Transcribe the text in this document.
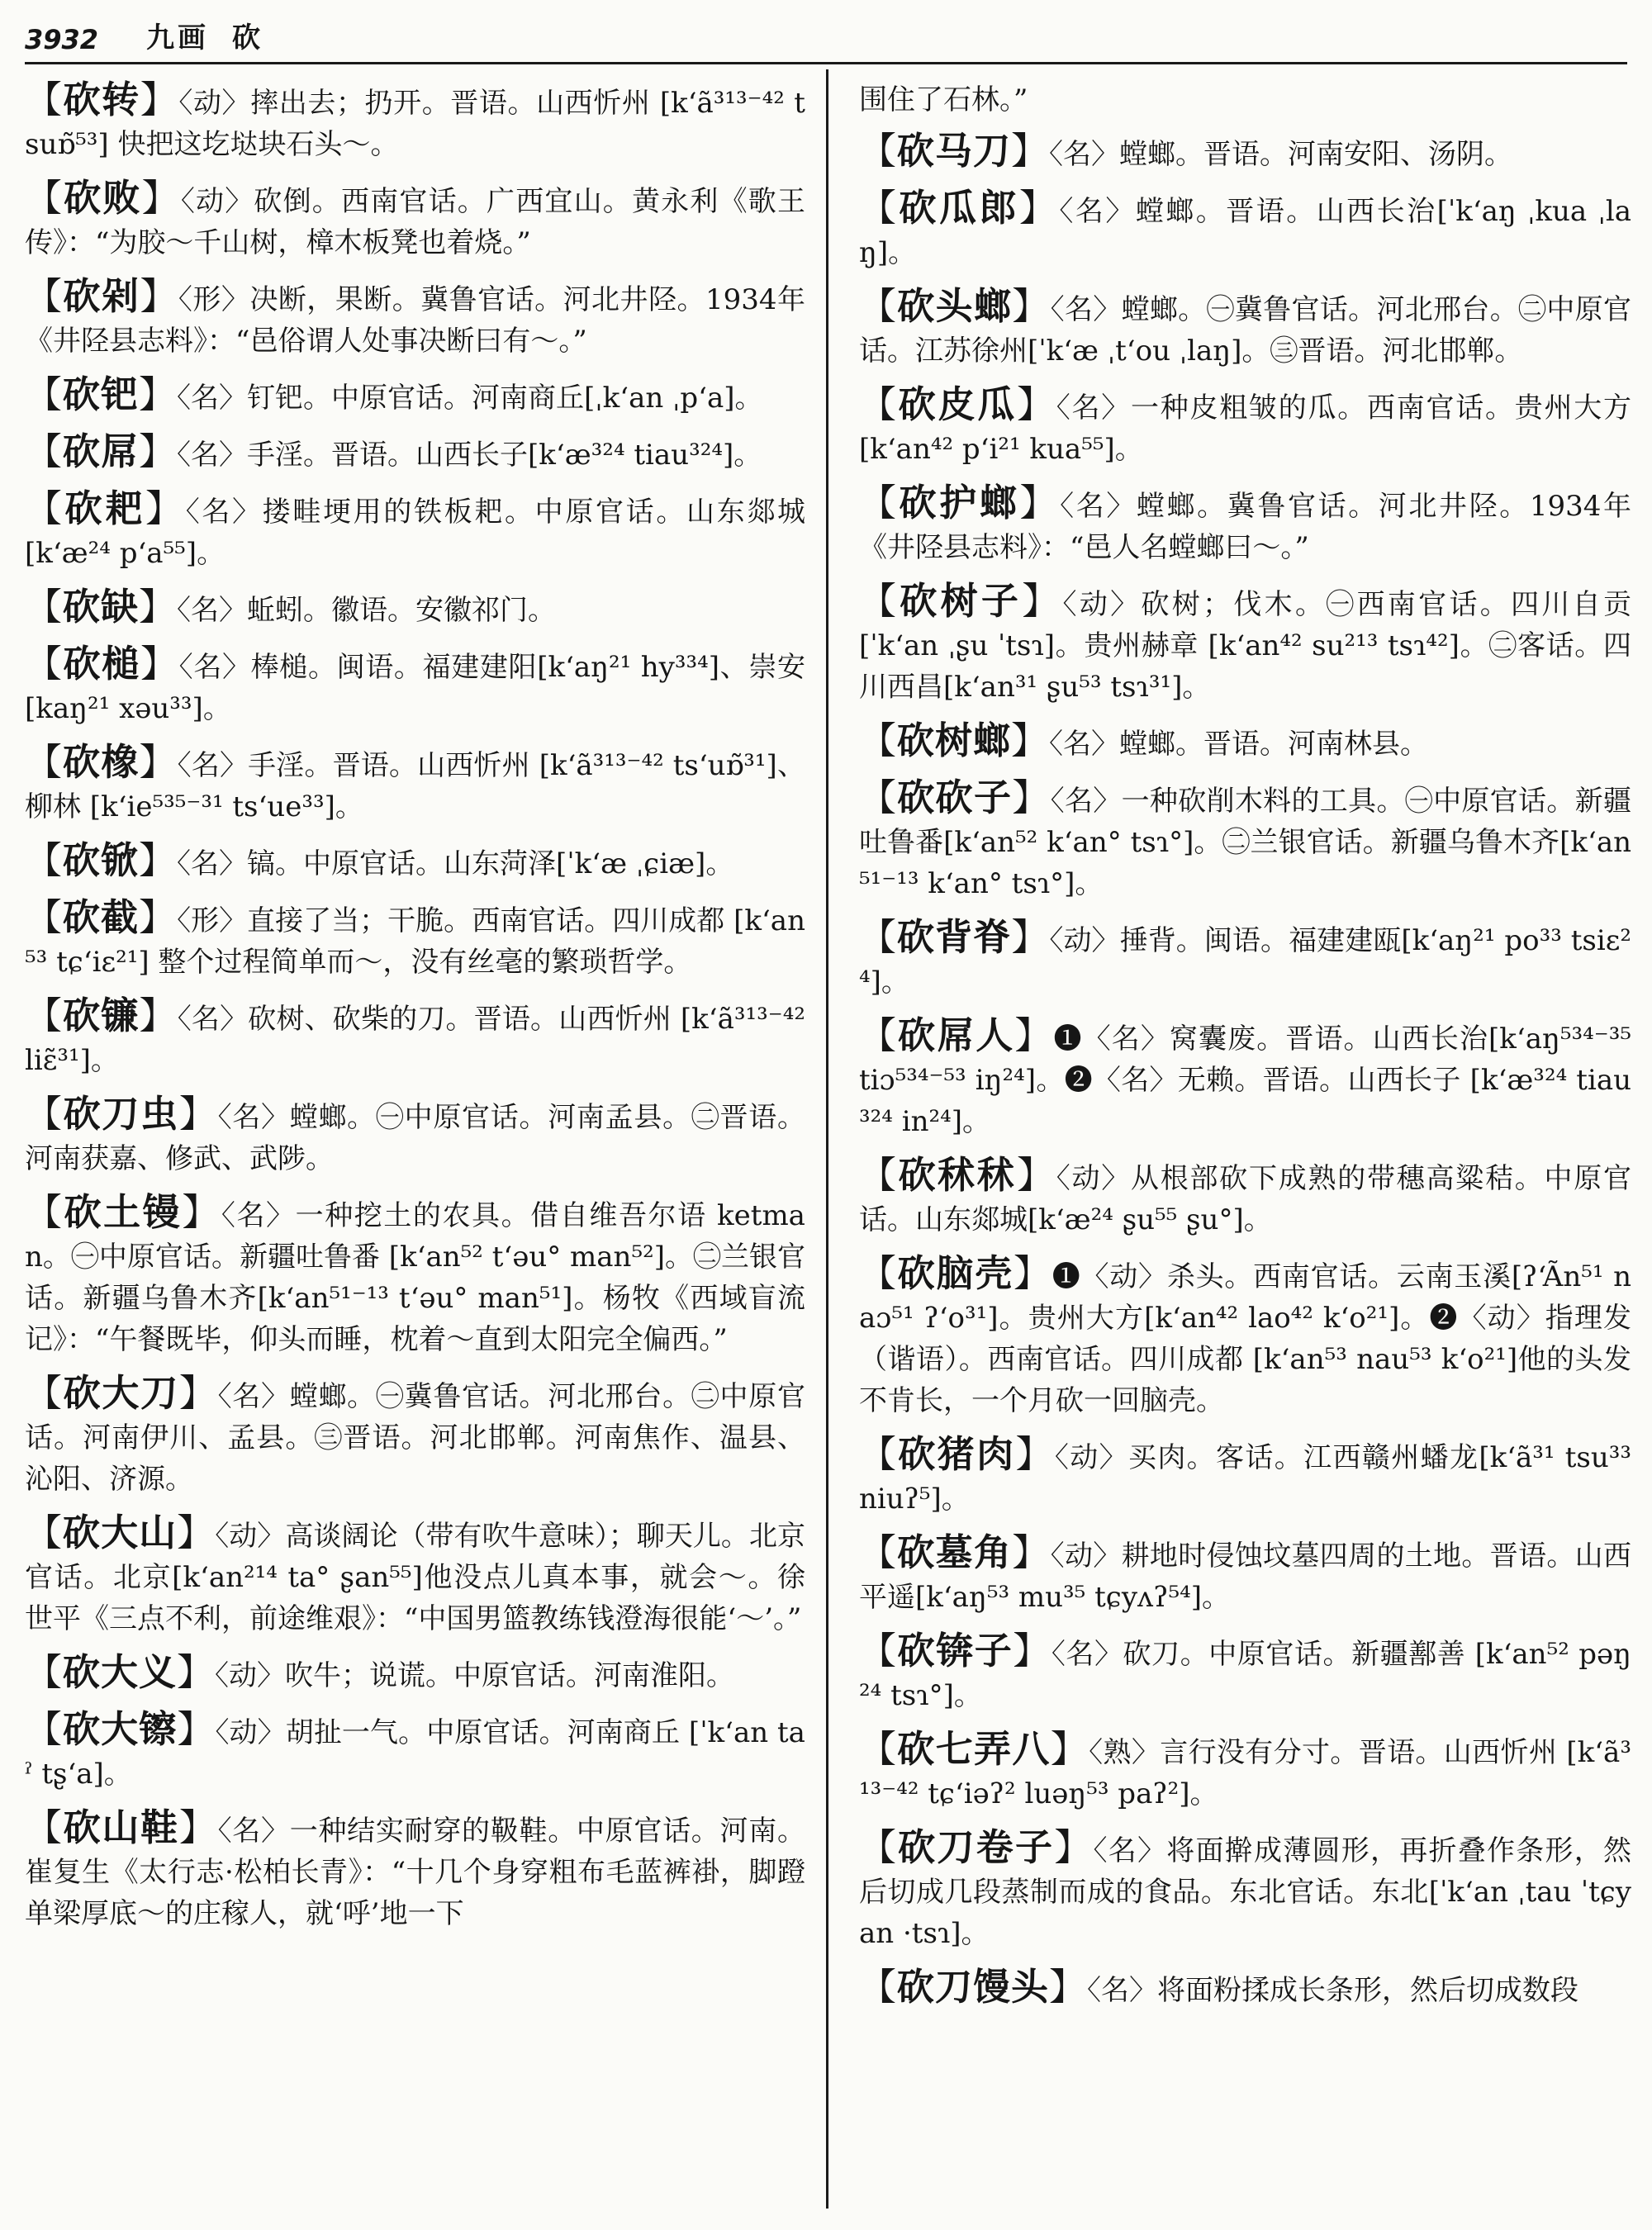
3932 九画 砍
【砍转】〈动〉摔出去；扔开。晋语。山西忻州 [k‘ã³¹³⁻⁴² tsuɒ̃⁵³] 快把这圪垯块石头～。
【砍败】〈动〉砍倒。西南官话。广西宜山。黄永利《歌王传》：“为胶～千山树，樟木板凳也着烧。”
【砍剁】〈形〉决断，果断。冀鲁官话。河北井陉。1934年《井陉县志料》：“邑俗谓人处事决断曰有～。”
【砍钯】〈名〉钉钯。中原官话。河南商丘[ˌk‘an ˌp‘a]。
【砍屌】〈名〉手淫。晋语。山西长子[k‘æ³²⁴ tiau³²⁴]。
【砍耙】〈名〉搂畦埂用的铁板耙。中原官话。山东郯城[k‘æ²⁴ p‘a⁵⁵]。
【砍缺】〈名〉蚯蚓。徽语。安徽祁门。
【砍槌】〈名〉棒槌。闽语。福建建阳[k‘aŋ²¹ hy³³⁴]、崇安 [kaŋ²¹ xəu³³]。
【砍橡】〈名〉手淫。晋语。山西忻州 [k‘ã³¹³⁻⁴² ts‘uɒ̃³¹]、柳林 [k‘ie⁵³⁵⁻³¹ ts‘ue³³]。
【砍锨】〈名〉镐。中原官话。山东菏泽[ˈk‘æ ˌɕiæ]。
【砍截】〈形〉直接了当；干脆。西南官话。四川成都 [k‘an⁵³ tɕ‘iɛ²¹] 整个过程简单而～，没有丝毫的繁琐哲学。
【砍镰】〈名〉砍树、砍柴的刀。晋语。山西忻州 [k‘ã³¹³⁻⁴² liɛ̃³¹]。
【砍刀虫】〈名〉螳螂。㊀中原官话。河南孟县。㊁晋语。河南获嘉、修武、武陟。
【砍土镘】〈名〉一种挖土的农具。借自维吾尔语 ketman。㊀中原官话。新疆吐鲁番 [k‘an⁵² t‘əu° man⁵²]。㊁兰银官话。新疆乌鲁木齐[k‘an⁵¹⁻¹³ t‘əu° man⁵¹]。杨牧《西域盲流记》：“午餐既毕，仰头而睡，枕着～直到太阳完全偏西。”
【砍大刀】〈名〉螳螂。㊀冀鲁官话。河北邢台。㊁中原官话。河南伊川、孟县。㊂晋语。河北邯郸。河南焦作、温县、沁阳、济源。
【砍大山】〈动〉高谈阔论（带有吹牛意味）；聊天儿。北京官话。北京[k‘an²¹⁴ ta° ʂan⁵⁵]他没点儿真本事，就会～。徐世平《三点不利，前途维艰》：“中国男篮教练钱澄海很能‘～’。”
【砍大义】〈动〉吹牛；说谎。中原官话。河南淮阳。
【砍大镲】〈动〉胡扯一气。中原官话。河南商丘 [ˈk‘an taˀ tʂ‘a]。
【砍山鞋】〈名〉一种结实耐穿的靸鞋。中原官话。河南。崔复生《太行志·松柏长青》：“十几个身穿粗布毛蓝裤褂，脚蹬单梁厚底～的庄稼人，就‘呼’地一下
围住了石林。”
【砍马刀】〈名〉螳螂。晋语。河南安阳、汤阴。
【砍瓜郎】〈名〉螳螂。晋语。山西长治[ˈk‘aŋ ˌkua ˌlaŋ]。
【砍头螂】〈名〉螳螂。㊀冀鲁官话。河北邢台。㊁中原官话。江苏徐州[ˈk‘æ ˌt‘ou ˌlaŋ]。㊂晋语。河北邯郸。
【砍皮瓜】〈名〉一种皮粗皱的瓜。西南官话。贵州大方[k‘an⁴² p‘i²¹ kua⁵⁵]。
【砍护螂】〈名〉螳螂。冀鲁官话。河北井陉。1934年《井陉县志料》：“邑人名螳螂曰～。”
【砍树子】〈动〉砍树；伐木。㊀西南官话。四川自贡 [ˈk‘an ˌʂu ˈtsɿ]。贵州赫章 [k‘an⁴² su²¹³ tsɿ⁴²]。㊁客话。四川西昌[k‘an³¹ ʂu⁵³ tsɿ³¹]。
【砍树螂】〈名〉螳螂。晋语。河南林县。
【砍砍子】〈名〉一种砍削木料的工具。㊀中原官话。新疆吐鲁番[k‘an⁵² k‘an° tsɿ°]。㊁兰银官话。新疆乌鲁木齐[k‘an⁵¹⁻¹³ k‘an° tsɿ°]。
【砍背脊】〈动〉捶背。闽语。福建建瓯[k‘aŋ²¹ po³³ tsiɛ²⁴]。
【砍屌人】❶〈名〉窝囊废。晋语。山西长治[k‘aŋ⁵³⁴⁻³⁵ tiɔ⁵³⁴⁻⁵³ iŋ²⁴]。❷〈名〉无赖。晋语。山西长子 [k‘æ³²⁴ tiau³²⁴ in²⁴]。
【砍秫秫】〈动〉从根部砍下成熟的带穗高粱秸。中原官话。山东郯城[k‘æ²⁴ ʂu⁵⁵ ʂu°]。
【砍脑壳】❶〈动〉杀头。西南官话。云南玉溪[ʔ‘Ãn⁵¹ naɔ⁵¹ ʔ‘o³¹]。贵州大方[k‘an⁴² lao⁴² k‘o²¹]。❷〈动〉指理发（谐语）。西南官话。四川成都 [k‘an⁵³ nau⁵³ k‘o²¹]他的头发不肯长，一个月砍一回脑壳。
【砍猪肉】〈动〉买肉。客话。江西赣州蟠龙[k‘ã³¹ tsu³³ niuʔ⁵]。
【砍墓角】〈动〉耕地时侵蚀坟墓四周的土地。晋语。山西平遥[k‘aŋ⁵³ mu³⁵ tɕyʌʔ⁵⁴]。
【砍锛子】〈名〉砍刀。中原官话。新疆鄯善 [k‘an⁵² pəŋ²⁴ tsɿ°]。
【砍七弄八】〈熟〉言行没有分寸。晋语。山西忻州 [k‘ã³¹³⁻⁴² tɕ‘iəʔ² luəŋ⁵³ paʔ²]。
【砍刀卷子】〈名〉将面擀成薄圆形，再折叠作条形，然后切成几段蒸制而成的食品。东北官话。东北[ˈk‘an ˌtau ˈtɕyan ·tsɿ]。
【砍刀馒头】〈名〉将面粉揉成长条形，然后切成数段
